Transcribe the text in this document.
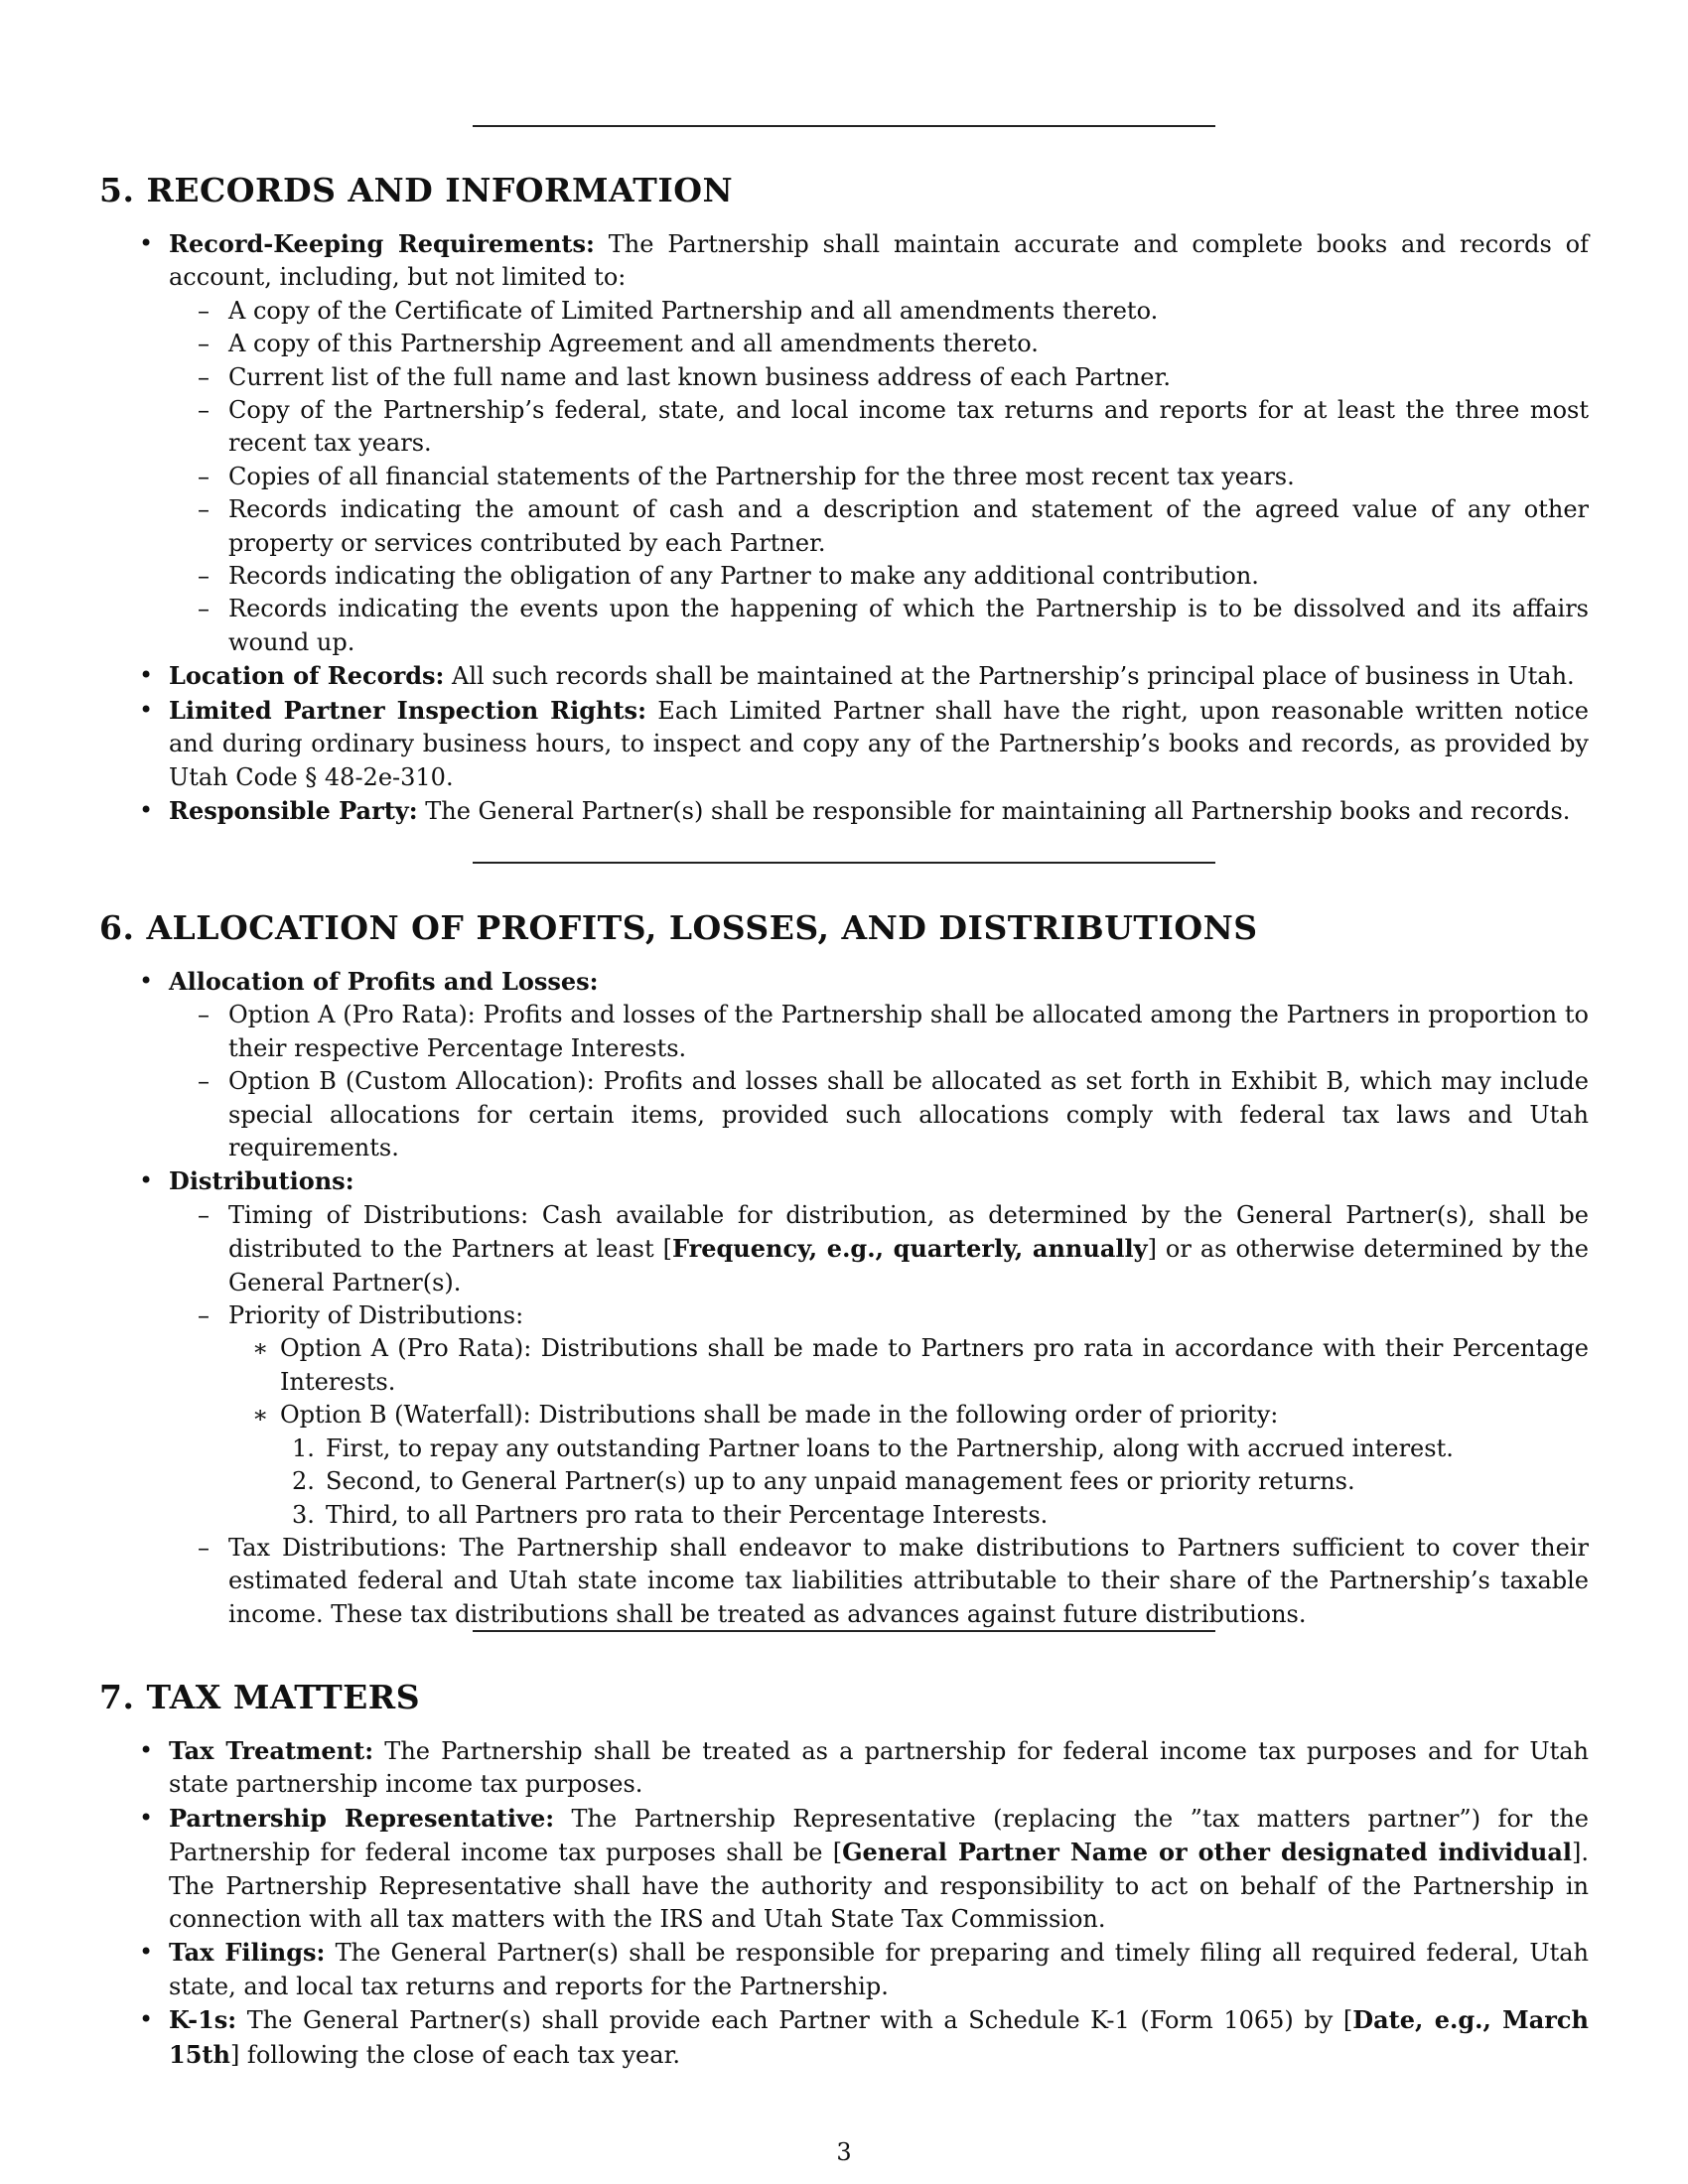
5. RECORDS AND INFORMATION

• Record-Keeping Requirements: The Partnership shall maintain accurate and complete books and records of account, including, but not limited to:

– A copy of the Certificate of Limited Partnership and all amendments thereto.

– A copy of this Partnership Agreement and all amendments thereto.

– Current list of the full name and last known business address of each Partner.

– Copy of the Partnership’s federal, state, and local income tax returns and reports for at least the three most recent tax years.

– Copies of all financial statements of the Partnership for the three most recent tax years.

– Records indicating the amount of cash and a description and statement of the agreed value of any other property or services contributed by each Partner.

– Records indicating the obligation of any Partner to make any additional contribution.

– Records indicating the events upon the happening of which the Partnership is to be dissolved and its affairs wound up.

• Location of Records: All such records shall be maintained at the Partnership’s principal place of business in Utah.

• Limited Partner Inspection Rights: Each Limited Partner shall have the right, upon reasonable written notice and during ordinary business hours, to inspect and copy any of the Partnership’s books and records, as provided by Utah Code § 48-2e-310.

• Responsible Party: The General Partner(s) shall be responsible for maintaining all Partnership books and records.

6. ALLOCATION OF PROFITS, LOSSES, AND DISTRIBUTIONS

• Allocation of Profits and Losses:

– Option A (Pro Rata): Profits and losses of the Partnership shall be allocated among the Partners in proportion to their respective Percentage Interests.

– Option B (Custom Allocation): Profits and losses shall be allocated as set forth in Exhibit B, which may include special allocations for certain items, provided such allocations comply with federal tax laws and Utah requirements.

• Distributions:

– Timing of Distributions: Cash available for distribution, as determined by the General Partner(s), shall be distributed to the Partners at least [Frequency, e.g., quarterly, annually] or as otherwise determined by the General Partner(s).

– Priority of Distributions:

∗ Option A (Pro Rata): Distributions shall be made to Partners pro rata in accordance with their Percentage Interests.

∗ Option B (Waterfall): Distributions shall be made in the following order of priority:

1. First, to repay any outstanding Partner loans to the Partnership, along with accrued interest.

2. Second, to General Partner(s) up to any unpaid management fees or priority returns.

3. Third, to all Partners pro rata to their Percentage Interests.

– Tax Distributions: The Partnership shall endeavor to make distributions to Partners sufficient to cover their estimated federal and Utah state income tax liabilities attributable to their share of the Partnership’s taxable income. These tax distributions shall be treated as advances against future distributions.

7. TAX MATTERS

• Tax Treatment: The Partnership shall be treated as a partnership for federal income tax purposes and for Utah state partnership income tax purposes.

• Partnership Representative: The Partnership Representative (replacing the ”tax matters partner”) for the Partnership for federal income tax purposes shall be [General Partner Name or other designated individual]. The Partnership Representative shall have the authority and responsibility to act on behalf of the Partnership in connection with all tax matters with the IRS and Utah State Tax Commission.

• Tax Filings: The General Partner(s) shall be responsible for preparing and timely filing all required federal, Utah state, and local tax returns and reports for the Partnership.

• K-1s: The General Partner(s) shall provide each Partner with a Schedule K-1 (Form 1065) by [Date, e.g., March 15th] following the close of each tax year.

3
